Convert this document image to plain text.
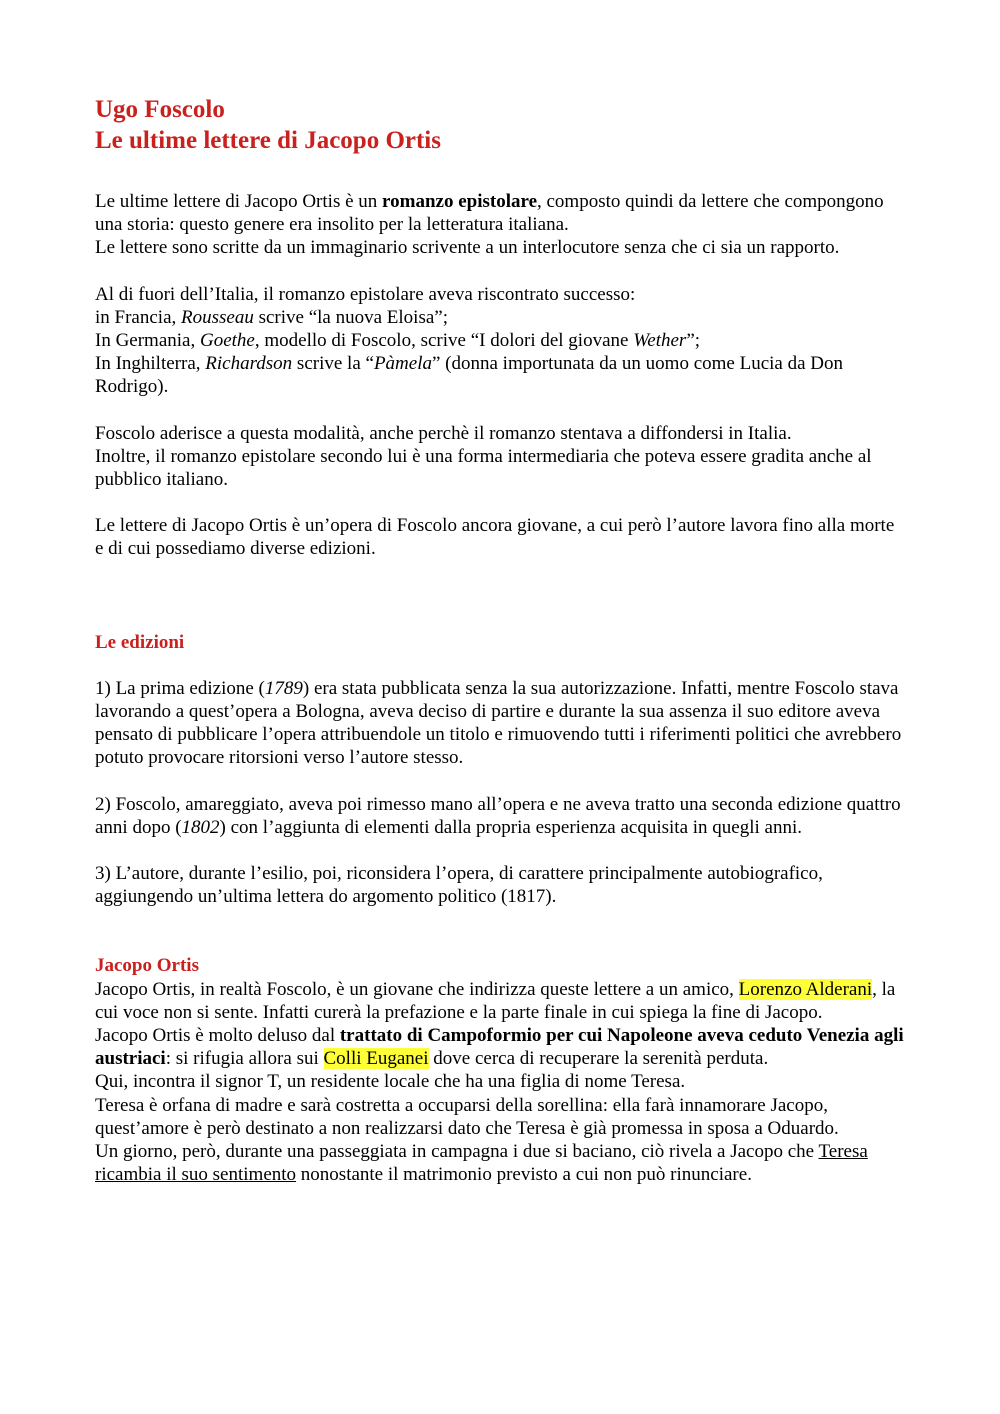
Ugo Foscolo
Le ultime lettere di Jacopo Ortis

Le ultime lettere di Jacopo Ortis è un romanzo epistolare, composto quindi da lettere che compongono una storia: questo genere era insolito per la letteratura italiana.
Le lettere sono scritte da un immaginario scrivente a un interlocutore senza che ci sia un rapporto.

Al di fuori dell’Italia, il romanzo epistolare aveva riscontrato successo:
in Francia, Rousseau scrive “la nuova Eloisa”;
In Germania, Goethe, modello di Foscolo, scrive “I dolori del giovane Wether”;
In Inghilterra, Richardson scrive la “Pàmela” (donna importunata da un uomo come Lucia da Don Rodrigo).

Foscolo aderisce a questa modalità, anche perchè il romanzo stentava a diffondersi in Italia.
Inoltre, il romanzo epistolare secondo lui è una forma intermediaria che poteva essere gradita anche al pubblico italiano.

Le lettere di Jacopo Ortis è un’opera di Foscolo ancora giovane, a cui però l’autore lavora fino alla morte e di cui possediamo diverse edizioni.

Le edizioni

1) La prima edizione (1789) era stata pubblicata senza la sua autorizzazione. Infatti, mentre Foscolo stava lavorando a quest’opera a Bologna, aveva deciso di partire e durante la sua assenza il suo editore aveva pensato di pubblicare l’opera attribuendole un titolo e rimuovendo tutti i riferimenti politici che avrebbero potuto provocare ritorsioni verso l’autore stesso.

2) Foscolo, amareggiato, aveva poi rimesso mano all’opera e ne aveva tratto una seconda edizione quattro anni dopo (1802) con l’aggiunta di elementi dalla propria esperienza acquisita in quegli anni.

3) L’autore, durante l’esilio, poi, riconsidera l’opera, di carattere principalmente autobiografico, aggiungendo un’ultima lettera do argomento politico (1817).

Jacopo Ortis

Jacopo Ortis, in realtà Foscolo, è un giovane che indirizza queste lettere a un amico, Lorenzo Alderani, la cui voce non si sente. Infatti curerà la prefazione e la parte finale in cui spiega la fine di Jacopo.
Jacopo Ortis è molto deluso dal trattato di Campoformio per cui Napoleone aveva ceduto Venezia agli austriaci: si rifugia allora sui Colli Euganei dove cerca di recuperare la serenità perduta.
Qui, incontra il signor T, un residente locale che ha una figlia di nome Teresa.
Teresa è orfana di madre e sarà costretta a occuparsi della sorellina: ella farà innamorare Jacopo, quest’amore è però destinato a non realizzarsi dato che Teresa è già promessa in sposa a Oduardo.
Un giorno, però, durante una passeggiata in campagna i due si baciano, ciò rivela a Jacopo che Teresa ricambia il suo sentimento nonostante il matrimonio previsto a cui non può rinunciare.
